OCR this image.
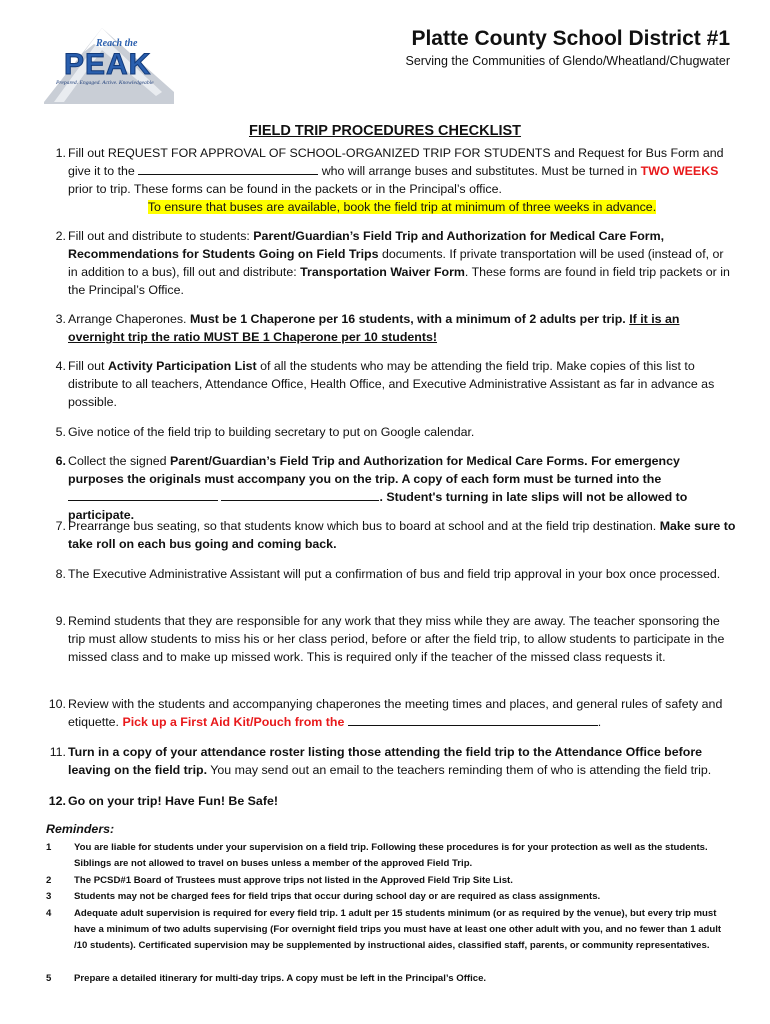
Reach the
PEAK
Prepared. Engaged. Active. Knowledgeable
Platte County School District #1
Serving the Communities of Glendo/Wheatland/Chugwater
FIELD TRIP PROCEDURES CHECKLIST
1. Fill out REQUEST FOR APPROVAL OF SCHOOL-ORGANIZED TRIP FOR STUDENTS and Request for Bus Form and give it to the	who will arrange buses and substitutes. Must be turned in TWO WEEKS prior to trip. These forms can be found in the packets or in the Principal’s office.
To ensure that buses are available, book the field trip at minimum of three weeks in advance.
2. Fill out and distribute to students: Parent/Guardian’s Field Trip and Authorization for Medical Care Form, Recommendations for Students Going on Field Trips documents. If private transportation will be used (instead of, or in addition to a bus), fill out and distribute: Transportation Waiver Form. These forms are found in field trip packets or in the Principal’s Office.
3. Arrange Chaperones. Must be 1 Chaperone per 16 students, with a minimum of 2 adults per trip. If it is an overnight trip the ratio MUST BE 1 Chaperone per 10 students!
4. Fill out Activity Participation List of all the students who may be attending the field trip. Make copies of this list to distribute to all teachers, Attendance Office, Health Office, and Executive Administrative Assistant as far in advance as possible.
5. Give notice of the field trip to building secretary to put on Google calendar.
6. Collect the signed Parent/Guardian’s Field Trip and Authorization for Medical Care Forms. For emergency purposes the originals must accompany you on the trip. A copy of each form must be turned into the  . Student's turning in late slips will not be allowed to participate.
7. Prearrange bus seating, so that students know which bus to board at school and at the field trip destination. Make sure to take roll on each bus going and coming back.
8. The Executive Administrative Assistant will put a confirmation of bus and field trip approval in your box once processed.
9. Remind students that they are responsible for any work that they miss while they are away. The teacher sponsoring the trip must allow students to miss his or her class period, before or after the field trip, to allow students to participate in the missed class and to make up missed work. This is required only if the teacher of the missed class requests it.
10. Review with the students and accompanying chaperones the meeting times and places, and general rules of safety and etiquette. Pick up a First Aid Kit/Pouch from the	.
11. Turn in a copy of your attendance roster listing those attending the field trip to the Attendance Office before leaving on the field trip. You may send out an email to the teachers reminding them of who is attending the field trip.
12. Go on your trip! Have Fun! Be Safe!
Reminders:
1	You are liable for students under your supervision on a field trip. Following these procedures is for your protection as well as the students. Siblings are not allowed to travel on buses unless a member of the approved Field Trip.
2	The PCSD#1 Board of Trustees must approve trips not listed in the Approved Field Trip Site List.
3	Students may not be charged fees for field trips that occur during school day or are required as class assignments.
4	Adequate adult supervision is required for every field trip. 1 adult per 15 students minimum (or as required by the venue), but every trip must have a minimum of two adults supervising (For overnight field trips you must have at least one other adult with you, and no fewer than 1 adult /10 students). Certificated supervision may be supplemented by instructional aides, classified staff, parents, or community representatives.
5	Prepare a detailed itinerary for multi-day trips. A copy must be left in the Principal’s Office.
